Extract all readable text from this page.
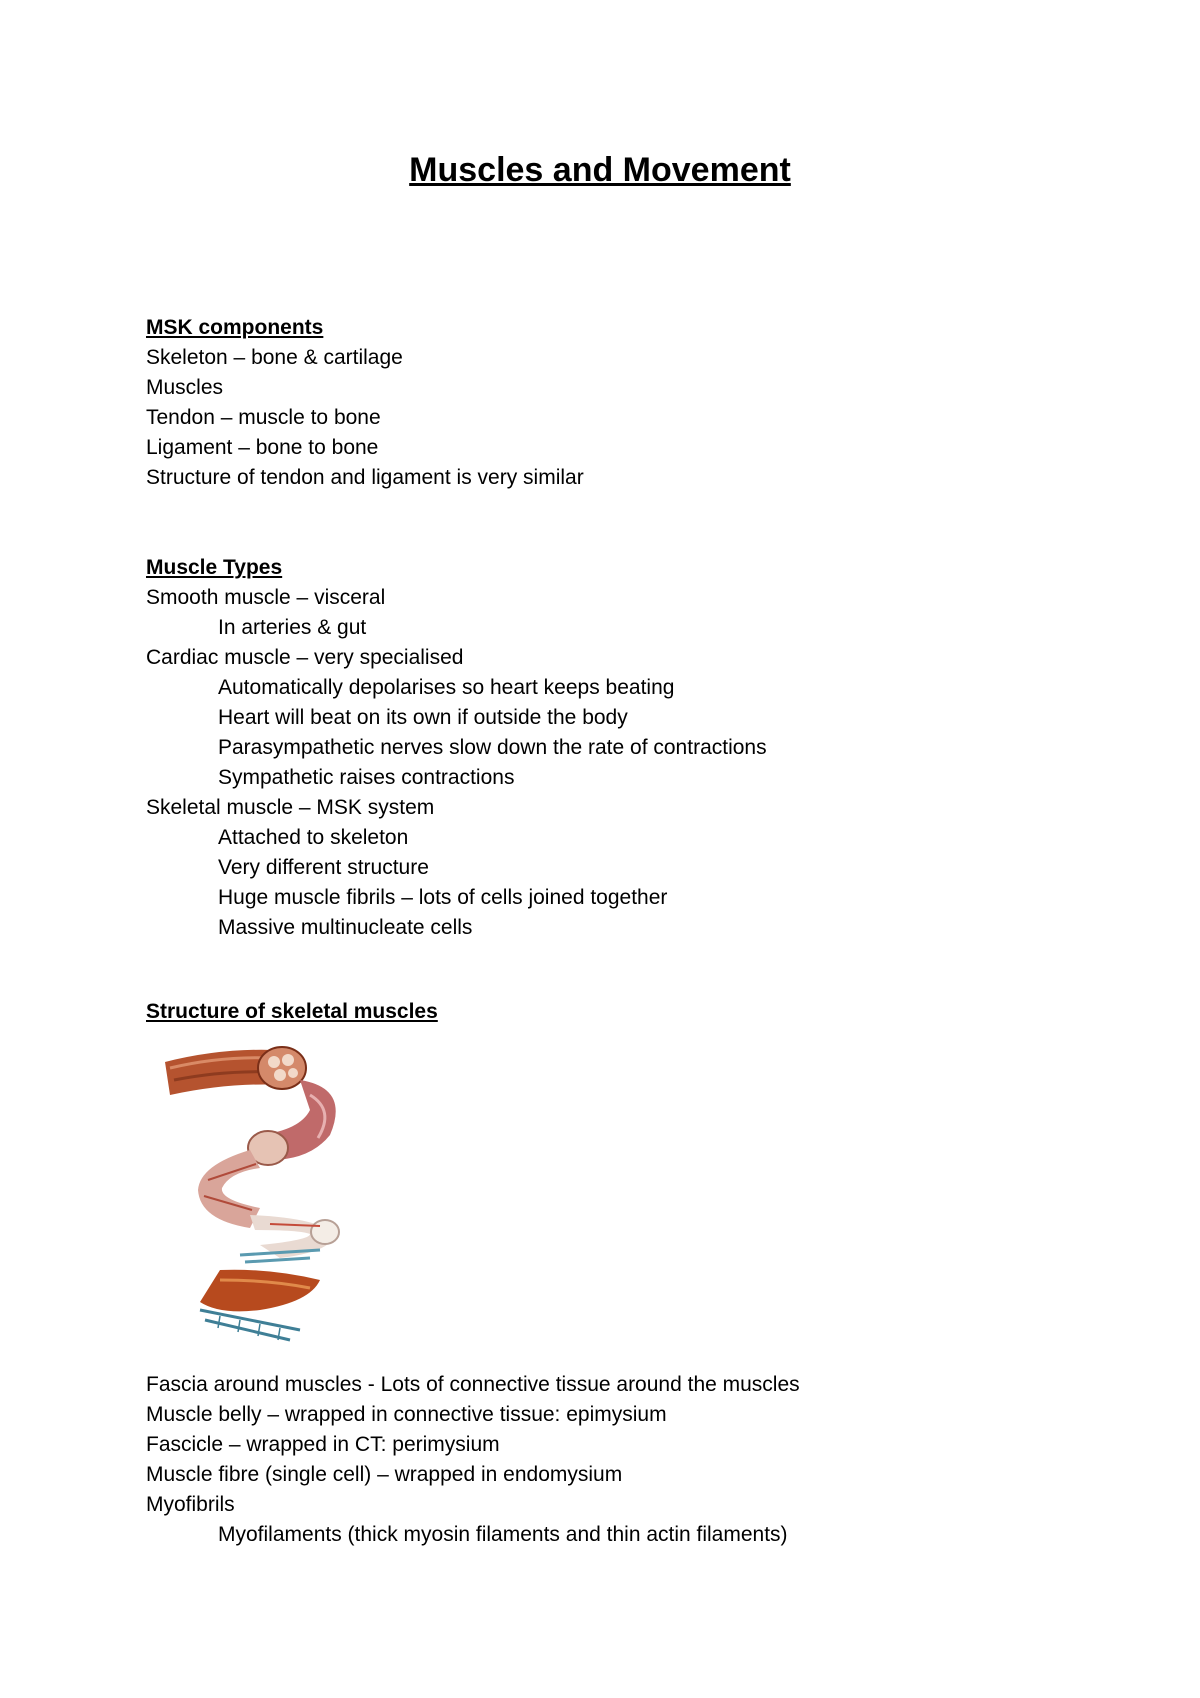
Muscles and Movement
MSK components
Skeleton – bone & cartilage
Muscles
Tendon – muscle to bone
Ligament – bone to bone
Structure of tendon and ligament is very similar
Muscle Types
Smooth muscle – visceral
In arteries & gut
Cardiac muscle – very specialised
Automatically depolarises so heart keeps beating
Heart will beat on its own if outside the body
Parasympathetic nerves slow down the rate of contractions
Sympathetic raises contractions
Skeletal muscle – MSK system
Attached to skeleton
Very different structure
Huge muscle fibrils – lots of cells joined together
Massive multinucleate cells
Structure of skeletal muscles
Fascia around muscles - Lots of connective tissue around the muscles
Muscle belly – wrapped in connective tissue: epimysium
Fascicle – wrapped in CT: perimysium
Muscle fibre (single cell) – wrapped in endomysium
Myofibrils
Myofilaments (thick myosin filaments and thin actin filaments)
